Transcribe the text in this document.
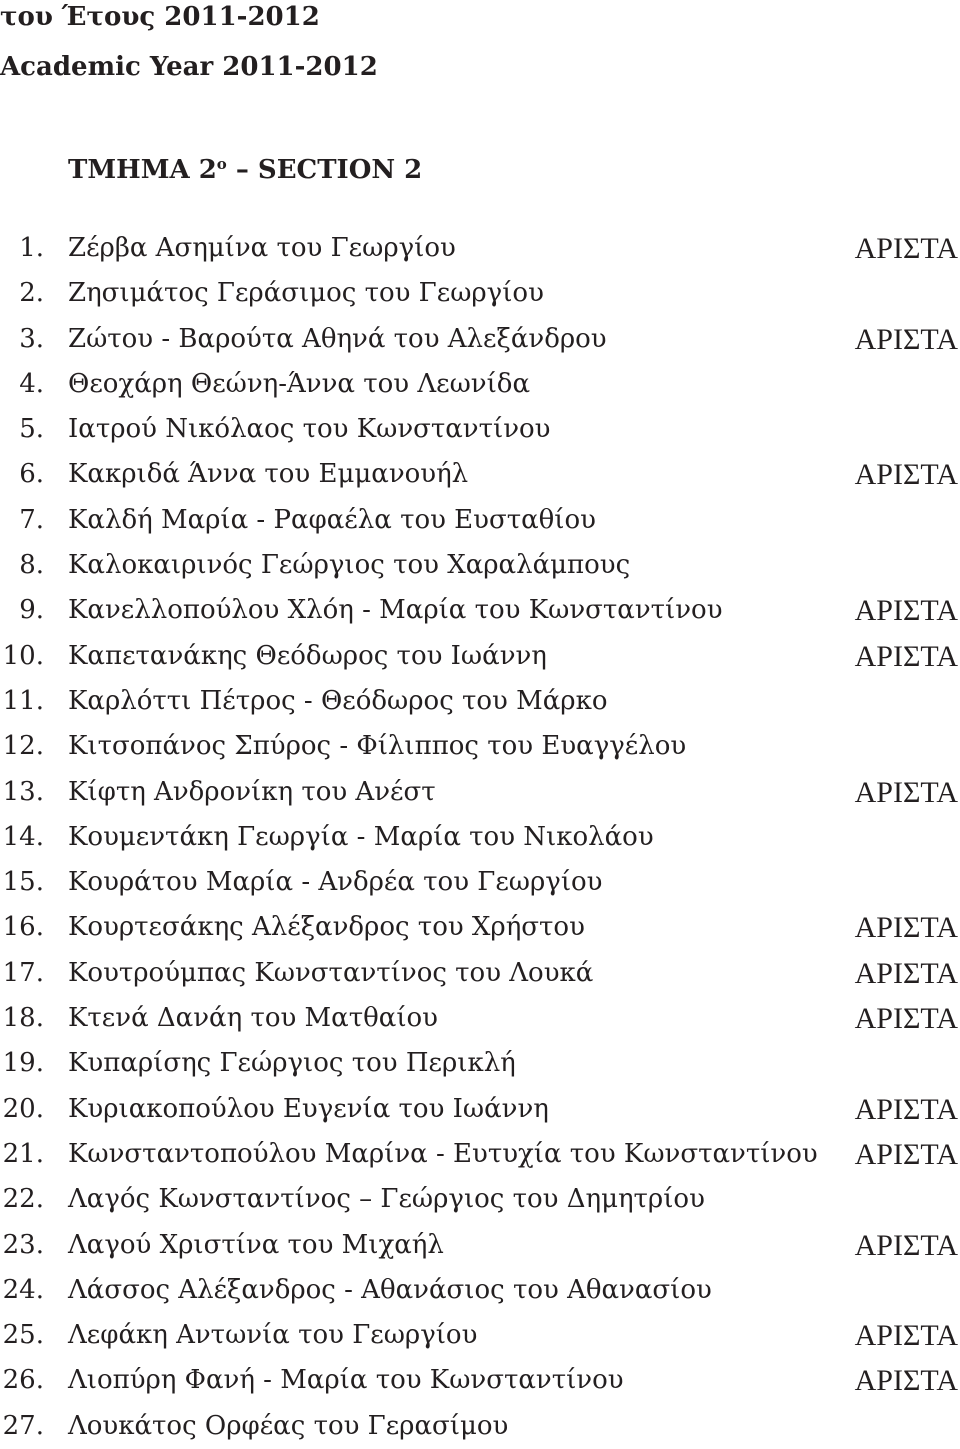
του Έτους 2011-2012
Academic Year 2011-2012
ΤΜΗΜΑ $2^o$ – SECTION 2
1. Ζέρβα Ασημίνα του Γεωργίου	ΑΡΙΣΤΑ
2. Ζησιμάτος Γεράσιμος του Γεωργίου
3. Ζώτου - Βαρούτα Αθηνά του Αλεξάνδρου	ΑΡΙΣΤΑ
4. Θεοχάρη Θεώνη-Άννα του Λεωνίδα
5. Ιατρού Νικόλαος του Κωνσταντίνου
6. Κακριδά Άννα του Εμμανουήλ	ΑΡΙΣΤΑ
7. Καλδή Μαρία - Ραφαέλα του Ευσταθίου
8. Καλοκαιρινός Γεώργιος του Χαραλάμπους
9. Κανελλοπούλου Χλόη - Μαρία του Κωνσταντίνου	ΑΡΙΣΤΑ
10. Καπετανάκης Θεόδωρος του Ιωάννη	ΑΡΙΣΤΑ
11. Καρλόττι Πέτρος - Θεόδωρος του Μάρκο
12. Κιτσοπάνος Σπύρος - Φίλιππος του Ευαγγέλου
13. Κίφτη Ανδρονίκη του Ανέστ	ΑΡΙΣΤΑ
14. Κουμεντάκη Γεωργία - Μαρία του Νικολάου
15. Κουράτου Μαρία - Ανδρέα του Γεωργίου
16. Κουρτεσάκης Αλέξανδρος του Χρήστου	ΑΡΙΣΤΑ
17. Κουτρούμπας Κωνσταντίνος του Λουκά	ΑΡΙΣΤΑ
18. Κτενά Δανάη του Ματθαίου	ΑΡΙΣΤΑ
19. Κυπαρίσης Γεώργιος του Περικλή
20. Κυριακοπούλου Ευγενία του Ιωάννη	ΑΡΙΣΤΑ
21. Κωνσταντοπούλου Μαρίνα - Ευτυχία του Κωνσταντίνου ΑΡΙΣΤΑ
22. Λαγός Κωνσταντίνος – Γεώργιος του Δημητρίου
23. Λαγού Χριστίνα του Μιχαήλ	ΑΡΙΣΤΑ
24. Λάσσος Αλέξανδρος - Αθανάσιος του Αθανασίου
25. Λεφάκη Αντωνία του Γεωργίου	ΑΡΙΣΤΑ
26. Λιοπύρη Φανή - Μαρία του Κωνσταντίνου	ΑΡΙΣΤΑ
27. Λουκάτος Ορφέας του Γερασίμου
